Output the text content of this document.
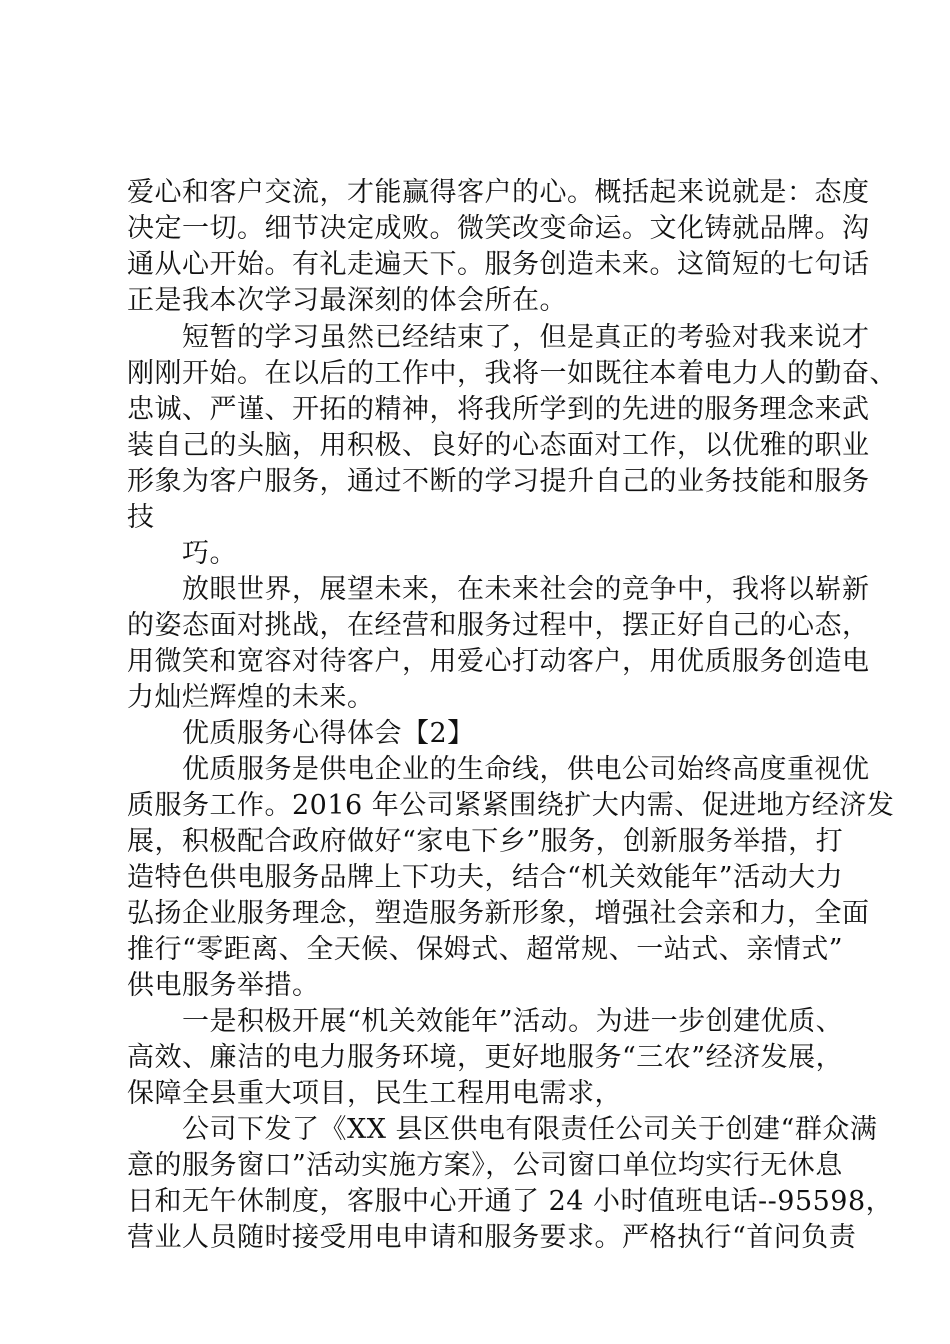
爱心和客户交流，才能赢得客户的心。概括起来说就是：态度
决定一切。细节决定成败。微笑改变命运。文化铸就品牌。沟
通从心开始。有礼走遍天下。服务创造未来。这简短的七句话
正是我本次学习最深刻的体会所在。
短暂的学习虽然已经结束了，但是真正的考验对我来说才
刚刚开始。在以后的工作中，我将一如既往本着电力人的勤奋、
忠诚、严谨、开拓的精神，将我所学到的先进的服务理念来武
装自己的头脑，用积极、良好的心态面对工作，以优雅的职业
形象为客户服务，通过不断的学习提升自己的业务技能和服务
技
巧。
放眼世界，展望未来，在未来社会的竞争中，我将以崭新
的姿态面对挑战，在经营和服务过程中，摆正好自己的心态，
用微笑和宽容对待客户，用爱心打动客户，用优质服务创造电
力灿烂辉煌的未来。
优质服务心得体会【2】
优质服务是供电企业的生命线，供电公司始终高度重视优
质服务工作。2016 年公司紧紧围绕扩大内需、促进地方经济发
展，积极配合政府做好“家电下乡”服务，创新服务举措，打
造特色供电服务品牌上下功夫，结合“机关效能年”活动大力
弘扬企业服务理念，塑造服务新形象，增强社会亲和力，全面
推行“零距离、全天候、保姆式、超常规、一站式、亲情式”
供电服务举措。
一是积极开展“机关效能年”活动。为进一步创建优质、
高效、廉洁的电力服务环境，更好地服务“三农”经济发展，
保障全县重大项目，民生工程用电需求，
公司下发了《XX 县区供电有限责任公司关于创建“群众满
意的服务窗口”活动实施方案》，公司窗口单位均实行无休息
日和无午休制度，客服中心开通了 24 小时值班电话--95598，
营业人员随时接受用电申请和服务要求。严格执行“首问负责
